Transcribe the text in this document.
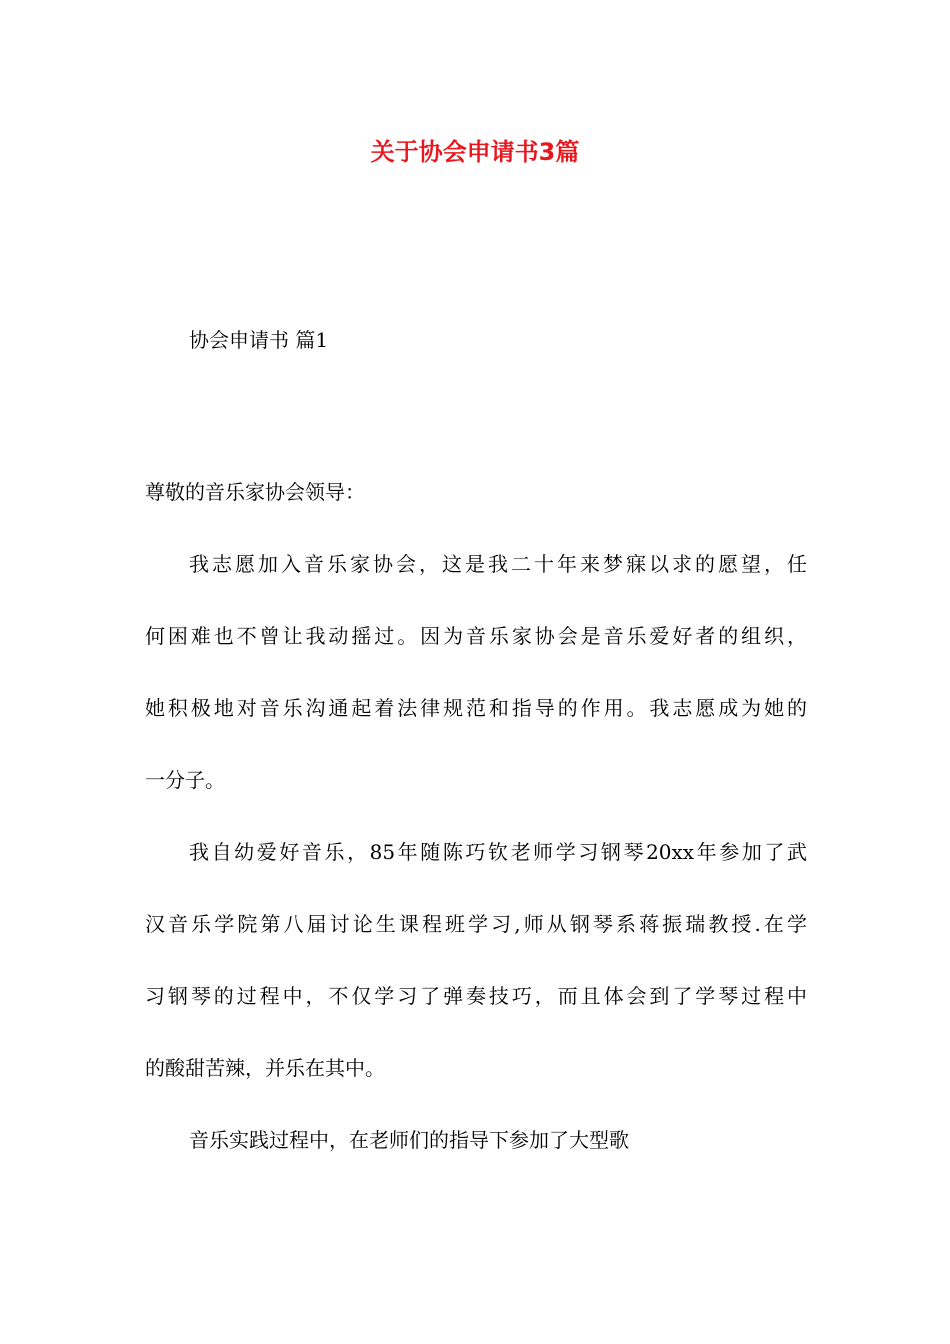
关于协会申请书3篇
协会申请书 篇1
尊敬的音乐家协会领导：
我志愿加入音乐家协会，这是我二十年来梦寐以求的愿望，任
何困难也不曾让我动摇过。因为音乐家协会是音乐爱好者的组织，
她积极地对音乐沟通起着法律规范和指导的作用。我志愿成为她的
一分子。
我自幼爱好音乐，85年随陈巧钦老师学习钢琴20xx年参加了武
汉音乐学院第八届讨论生课程班学习,师从钢琴系蒋振瑞教授.在学
习钢琴的过程中，不仅学习了弹奏技巧，而且体会到了学琴过程中
的酸甜苦辣，并乐在其中。
音乐实践过程中，在老师们的指导下参加了大型歌
